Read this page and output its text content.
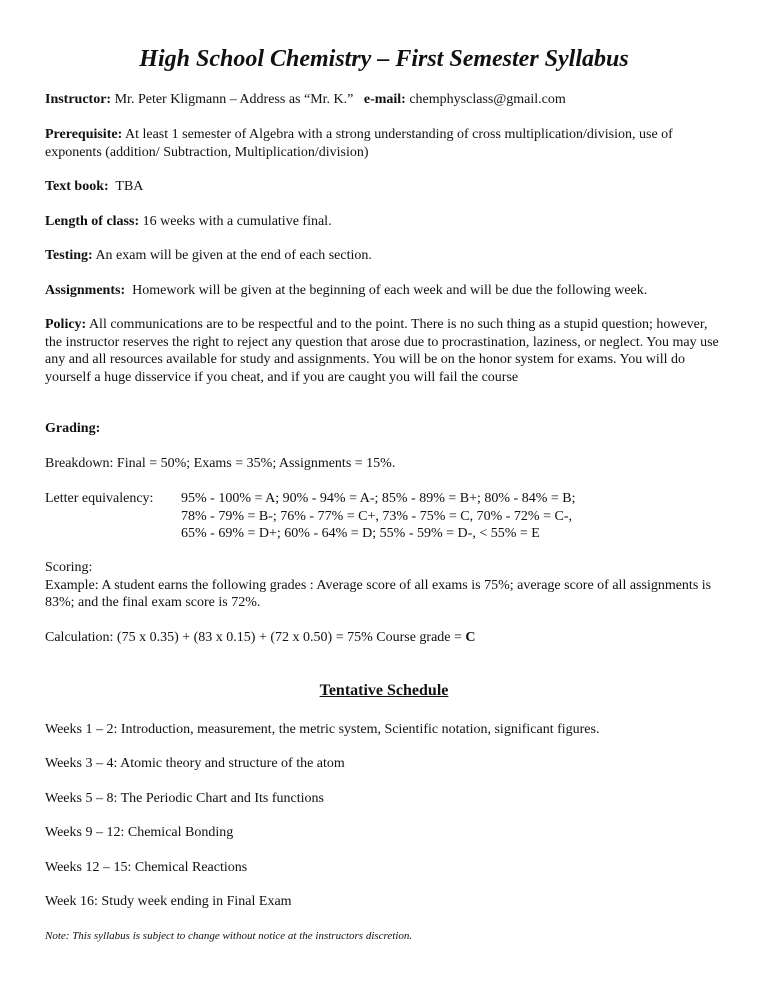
High School Chemistry – First Semester Syllabus
Instructor: Mr. Peter Kligmann – Address as “Mr. K.”   e-mail: chemphysclass@gmail.com
Prerequisite: At least 1 semester of Algebra with a strong understanding of cross multiplication/division, use of exponents (addition/ Subtraction, Multiplication/division)
Text book:  TBA
Length of class: 16 weeks with a cumulative final.
Testing: An exam will be given at the end of each section.
Assignments:  Homework will be given at the beginning of each week and will be due the following week.
Policy: All communications are to be respectful and to the point. There is no such thing as a stupid question; however, the instructor reserves the right to reject any question that arose due to procrastination, laziness, or neglect. You may use any and all resources available for study and assignments. You will be on the honor system for exams. You will do yourself a huge disservice if you cheat, and if you are caught you will fail the course
Grading:
Breakdown: Final = 50%; Exams = 35%; Assignments = 15%.
Letter equivalency: 95% - 100% = A; 90% - 94% = A-; 85% - 89% = B+; 80% - 84% = B;
78% - 79% = B-; 76% - 77% = C+, 73% - 75% = C, 70% - 72% = C-,
65% - 69% = D+; 60% - 64% = D; 55% - 59% = D-, < 55% = E
Scoring:
Example: A student earns the following grades : Average score of all exams is 75%; average score of all assignments is 83%; and the final exam score is 72%.
Calculation: (75 x 0.35) + (83 x 0.15) + (72 x 0.50) = 75% Course grade = C
Tentative Schedule
Weeks 1 – 2: Introduction, measurement, the metric system, Scientific notation, significant figures.
Weeks 3 – 4: Atomic theory and structure of the atom
Weeks 5 – 8: The Periodic Chart and Its functions
Weeks 9 – 12: Chemical Bonding
Weeks 12 – 15: Chemical Reactions
Week 16: Study week ending in Final Exam
Note: This syllabus is subject to change without notice at the instructors discretion.
